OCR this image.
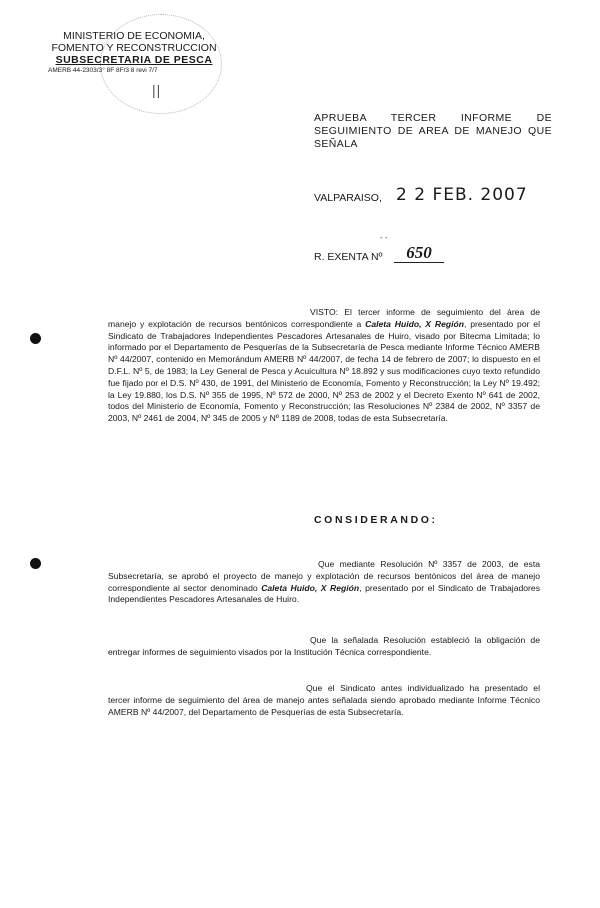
||
MINISTERIO DE ECONOMIA,
FOMENTO Y RECONSTRUCCION
SUBSECRETARIA DE PESCA
AMERB 44-2303/3° 8F 8F/3 8 revi 7/7
APRUEBA TERCER INFORME DE SEGUIMIENTO DE AREA DE MANEJO QUE SEÑALA
VALPARAISO, 2 2 FEB. 2007
- -
R. EXENTA Nº	650
VISTO: El tercer informe de seguimiento del área de manejo y explotación de recursos bentónicos correspondiente a Caleta Huido, X Región, presentado por el Sindicato de Trabajadores Independientes Pescadores Artesanales de Huiro, visado por Bitecma Limitada; lo informado por el Departamento de Pesquerías de la Subsecretaría de Pesca mediante Informe Técnico AMERB Nº 44/2007, contenido en Memorándum AMERB Nº 44/2007, de fecha 14 de febrero de 2007; lo dispuesto en el D.F.L. Nº 5, de 1983; la Ley General de Pesca y Acuicultura Nº 18.892 y sus modificaciones cuyo texto refundido fue fijado por el D.S. Nº 430, de 1991, del Ministerio de Economía, Fomento y Reconstrucción; la Ley Nº 19.492; la Ley 19.880, los D.S. Nº 355 de 1995, Nº 572 de 2000, Nº 253 de 2002 y el Decreto Exento Nº 641 de 2002, todos del Ministerio de Economía, Fomento y Reconstrucción; las Resoluciones Nº 2384 de 2002, Nº 3357 de 2003, Nº 2461 de 2004, Nº 345 de 2005 y Nº 1189 de 2008, todas de esta Subsecretaría.
CONSIDERANDO:
Que mediante Resolución Nº 3357 de 2003, de esta Subsecretaría, se aprobó el proyecto de manejo y explotación de recursos bentónicos del área de manejo correspondiente al sector denominado Caleta Huido, X Región, presentado por el Sindicato de Trabajadores Independientes Pescadores Artesanales de Huiro.
Que la señalada Resolución estableció la obligación de entregar informes de seguimiento visados por la Institución Técnica correspondiente.
Que el Sindicato antes individualizado ha presentado el tercer informe de seguimiento del área de manejo antes señalada siendo aprobado mediante Informe Técnico AMERB Nº 44/2007, del Departamento de Pesquerías de esta Subsecretaría.
